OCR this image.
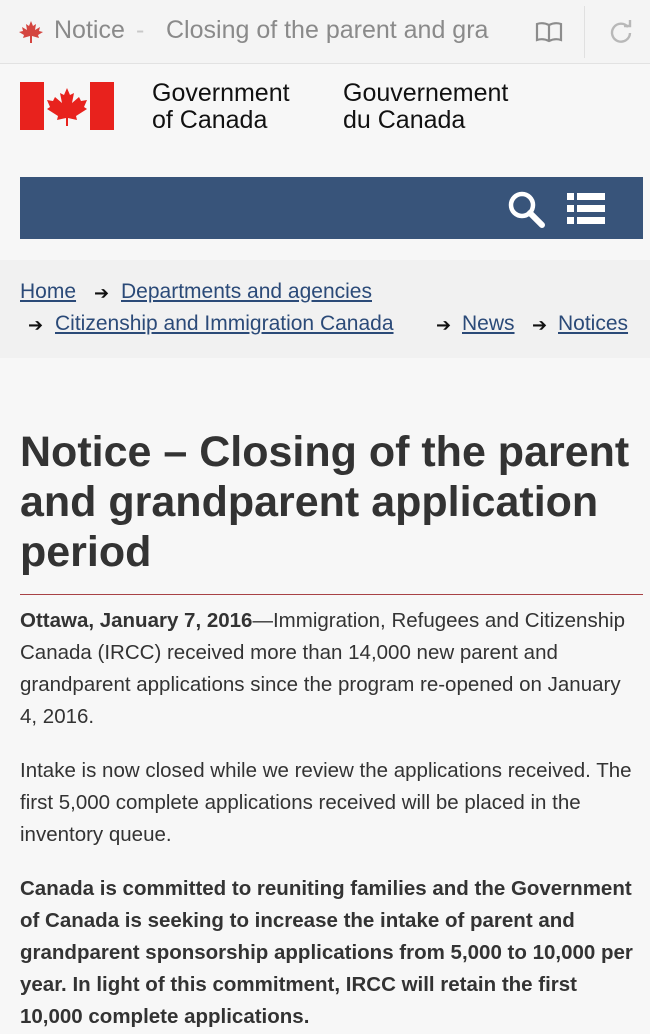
Notice - Closing of the parent and gra
Government
of Canada
Gouvernement
du Canada
Home ➔ Departments and agencies
➔ Citizenship and Immigration Canada ➔ News ➔ Notices
Notice – Closing of the parent and grandparent application period

Ottawa, January 7, 2016—Immigration, Refugees and Citizenship Canada (IRCC) received more than 14,000 new parent and grandparent applications since the program re-opened on January 4, 2016.

Intake is now closed while we review the applications received. The first 5,000 complete applications received will be placed in the inventory queue.

Canada is committed to reuniting families and the Government of Canada is seeking to increase the intake of parent and grandparent sponsorship applications from 5,000 to 10,000 per year. In light of this commitment, IRCC will retain the first 10,000 complete applications.
